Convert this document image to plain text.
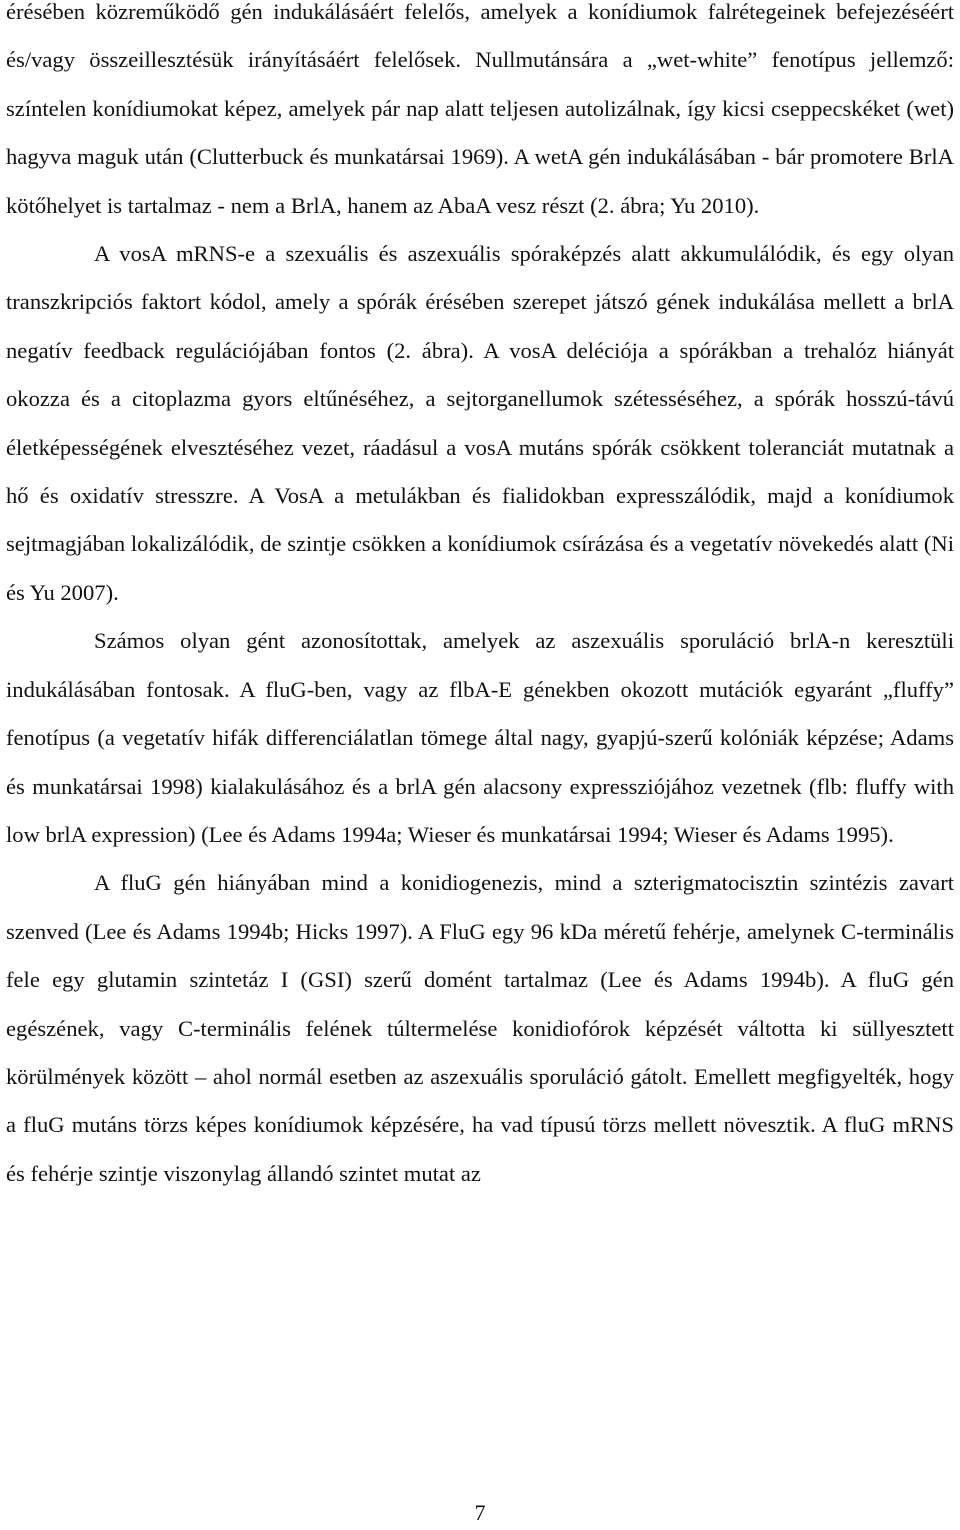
érésében közreműködő gén indukálásáért felelős, amelyek a konídiumok falrétegeinek befejezéséért és/vagy összeillesztésük irányításáért felelősek. Nullmutánsára a „wet-white” fenotípus jellemző: színtelen konídiumokat képez, amelyek pár nap alatt teljesen autolizálnak, így kicsi cseppecskéket (wet) hagyva maguk után (Clutterbuck és munkatársai 1969). A wetA gén indukálásában - bár promotere BrlA kötőhelyet is tartalmaz - nem a BrlA, hanem az AbaA vesz részt (2. ábra; Yu 2010).

A vosA mRNS-e a szexuális és aszexuális spóraképzés alatt akkumulálódik, és egy olyan transzkripciós faktort kódol, amely a spórák érésében szerepet játszó gének indukálása mellett a brlA negatív feedback regulációjában fontos (2. ábra). A vosA deléciója a spórákban a trehalóz hiányát okozza és a citoplazma gyors eltűnéséhez, a sejtorganellumok szétesséséhez, a spórák hosszú-távú életképességének elvesztéséhez vezet, ráadásul a vosA mutáns spórák csökkent toleranciát mutatnak a hő és oxidatív stresszre. A VosA a metulákban és fialidokban expresszálódik, majd a konídiumok sejtmagjában lokalizálódik, de szintje csökken a konídiumok csírázása és a vegetatív növekedés alatt (Ni és Yu 2007).

Számos olyan gént azonosítottak, amelyek az aszexuális sporuláció brlA-n keresztüli indukálásában fontosak. A fluG-ben, vagy az flbA-E génekben okozott mutációk egyaránt „fluffy” fenotípus (a vegetatív hifák differenciálatlan tömege által nagy, gyapjú-szerű kolóniák képzése; Adams és munkatársai 1998) kialakulásához és a brlA gén alacsony expressziójához vezetnek (flb: fluffy with low brlA expression) (Lee és Adams 1994a; Wieser és munkatársai 1994; Wieser és Adams 1995).

A fluG gén hiányában mind a konidiogenezis, mind a szterigmatocisztin szintézis zavart szenved (Lee és Adams 1994b; Hicks 1997). A FluG egy 96 kDa méretű fehérje, amelynek C-terminális fele egy glutamin szintetáz I (GSI) szerű domént tartalmaz (Lee és Adams 1994b). A fluG gén egészének, vagy C-terminális felének túltermelése konidiofórok képzését váltotta ki süllyesztett körülmények között – ahol normál esetben az aszexuális sporuláció gátolt. Emellett megfigyelték, hogy a fluG mutáns törzs képes konídiumok képzésére, ha vad típusú törzs mellett növesztik. A fluG mRNS és fehérje szintje viszonylag állandó szintet mutat az

7
